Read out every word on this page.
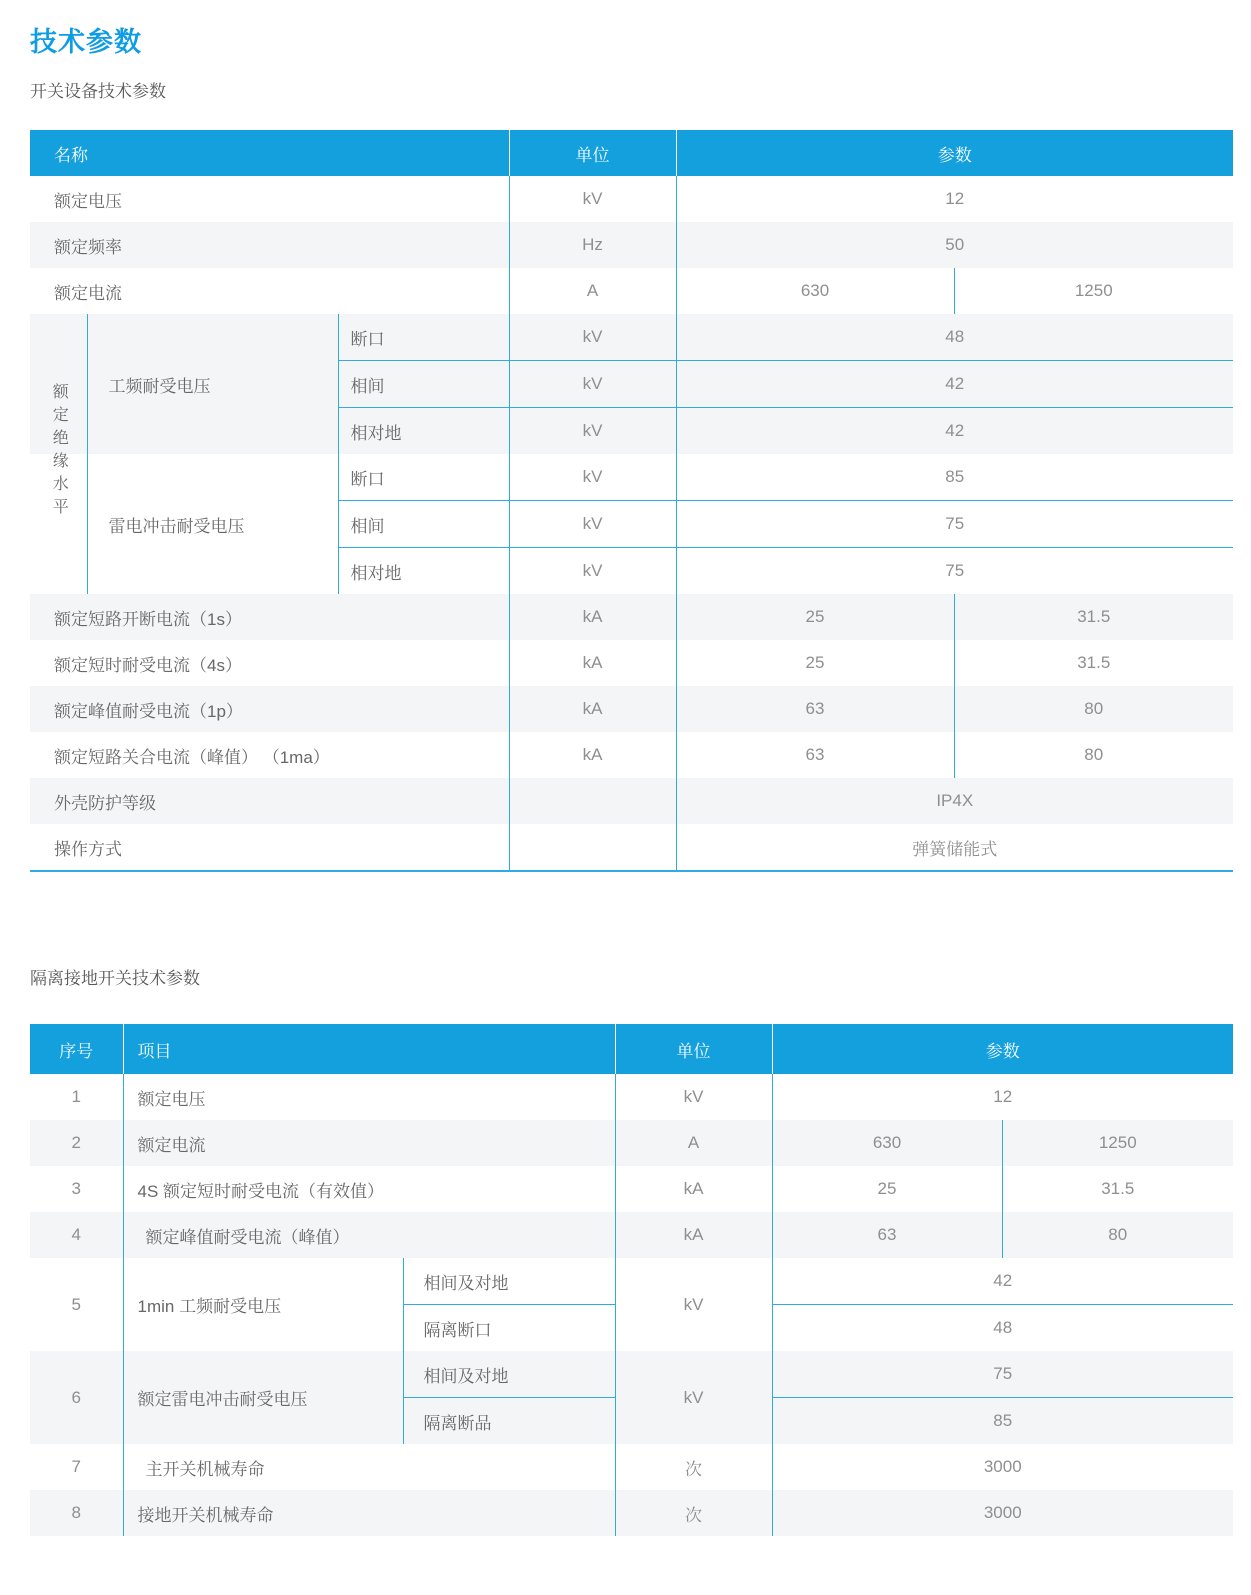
技术参数
开关设备技术参数
名称			单位	参数	
额定电压			kV	12	
额定频率			Hz	50	
额定电流			A	630	1250
额定绝缘水平	工频耐受电压	断口	kV	48	
		相间	kV	42	
		相对地	kV	42	
	雷电冲击耐受电压	断口	kV	85	
		相间	kV	75	
		相对地	kV	75	
额定短路开断电流（1s）			kA	25	31.5
额定短时耐受电流（4s）			kA	25	31.5
额定峰值耐受电流（1p）			kA	63	80
额定短路关合电流（峰值） （1ma）			kA	63	80
外壳防护等级				IP4X	
操作方式				弹簧储能式	
隔离接地开关技术参数
序号	项目		单位	参数	
1	额定电压		kV	12	
2	额定电流		A	630	1250
3	4S 额定短时耐受电流（有效值）		kA	25	31.5
4	额定峰值耐受电流（峰值）		kA	63	80
5	1min 工频耐受电压	相间及对地	kV	42	
		隔离断口		48	
6	额定雷电冲击耐受电压	相间及对地	kV	75	
		隔离断品		85	
7	主开关机械寿命		次	3000	
8	接地开关机械寿命		次	3000	
